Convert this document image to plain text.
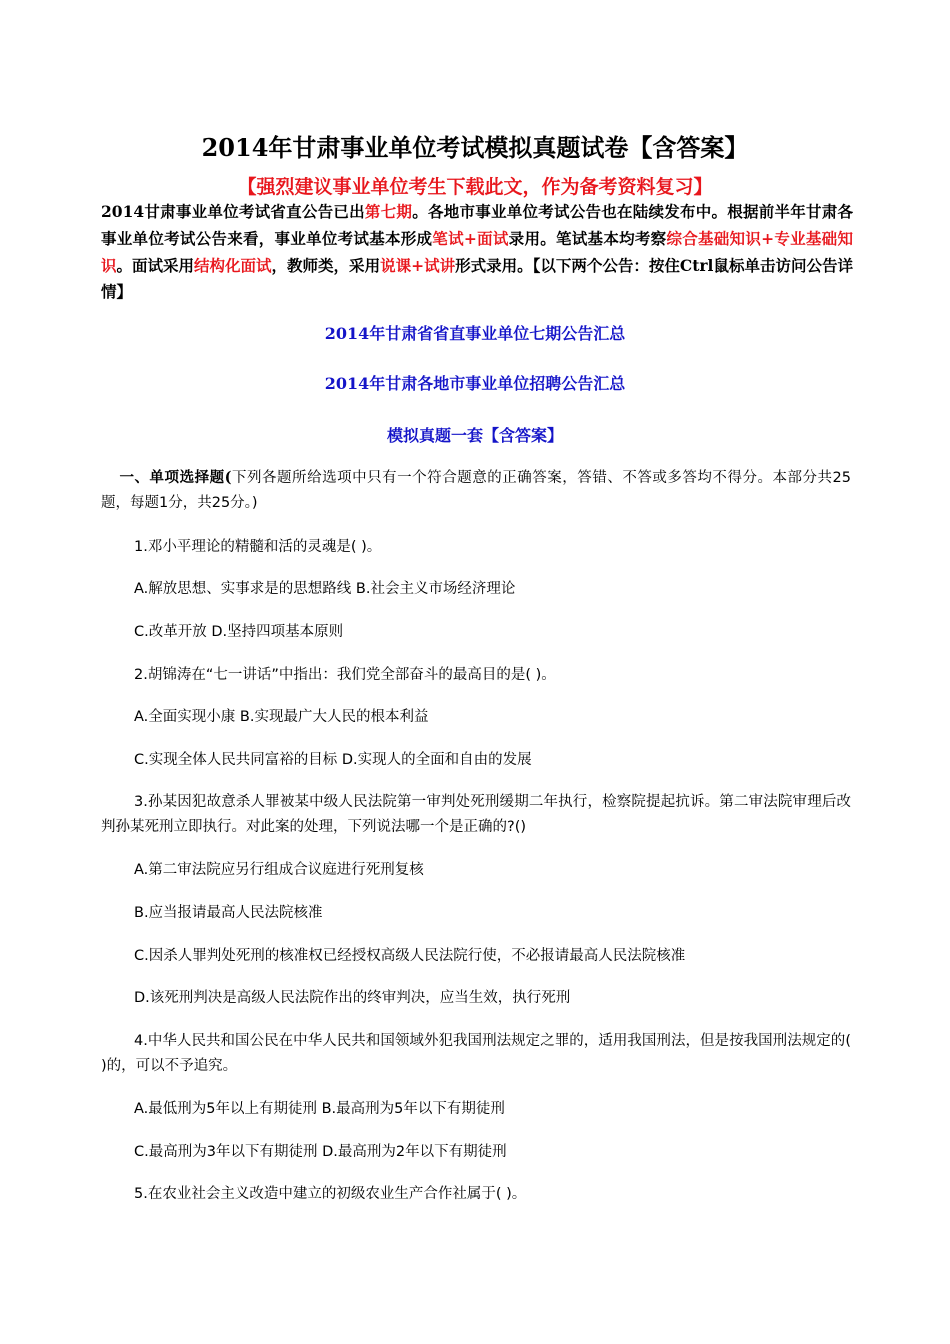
2014年甘肃事业单位考试模拟真题试卷【含答案】
【强烈建议事业单位考生下载此文，作为备考资料复习】
2014甘肃事业单位考试省直公告已出第七期。各地市事业单位考试公告也在陆续发布中。根据前半年甘肃各事业单位考试公告来看，事业单位考试基本形成笔试+面试录用。笔试基本均考察综合基础知识+专业基础知识。面试采用结构化面试，教师类，采用说课+试讲形式录用。【以下两个公告：按住Ctrl鼠标单击访问公告详情】
2014年甘肃省省直事业单位七期公告汇总
2014年甘肃各地市事业单位招聘公告汇总
模拟真题一套【含答案】
一、单项选择题(下列各题所给选项中只有一个符合题意的正确答案，答错、不答或多答均不得分。本部分共25题，每题1分，共25分。)
1.邓小平理论的精髓和活的灵魂是( )。
A.解放思想、实事求是的思想路线 B.社会主义市场经济理论
C.改革开放 D.坚持四项基本原则
2.胡锦涛在“七一讲话”中指出：我们党全部奋斗的最高目的是( )。
A.全面实现小康 B.实现最广大人民的根本利益
C.实现全体人民共同富裕的目标 D.实现人的全面和自由的发展
3.孙某因犯故意杀人罪被某中级人民法院第一审判处死刑缓期二年执行，检察院提起抗诉。第二审法院审理后改判孙某死刑立即执行。对此案的处理，下列说法哪一个是正确的?()
A.第二审法院应另行组成合议庭进行死刑复核
B.应当报请最高人民法院核准
C.因杀人罪判处死刑的核准权已经授权高级人民法院行使，不必报请最高人民法院核准
D.该死刑判决是高级人民法院作出的终审判决，应当生效，执行死刑
4.中华人民共和国公民在中华人民共和国领域外犯我国刑法规定之罪的，适用我国刑法，但是按我国刑法规定的( )的，可以不予追究。
A.最低刑为5年以上有期徒刑 B.最高刑为5年以下有期徒刑
C.最高刑为3年以下有期徒刑 D.最高刑为2年以下有期徒刑
5.在农业社会主义改造中建立的初级农业生产合作社属于( )。
